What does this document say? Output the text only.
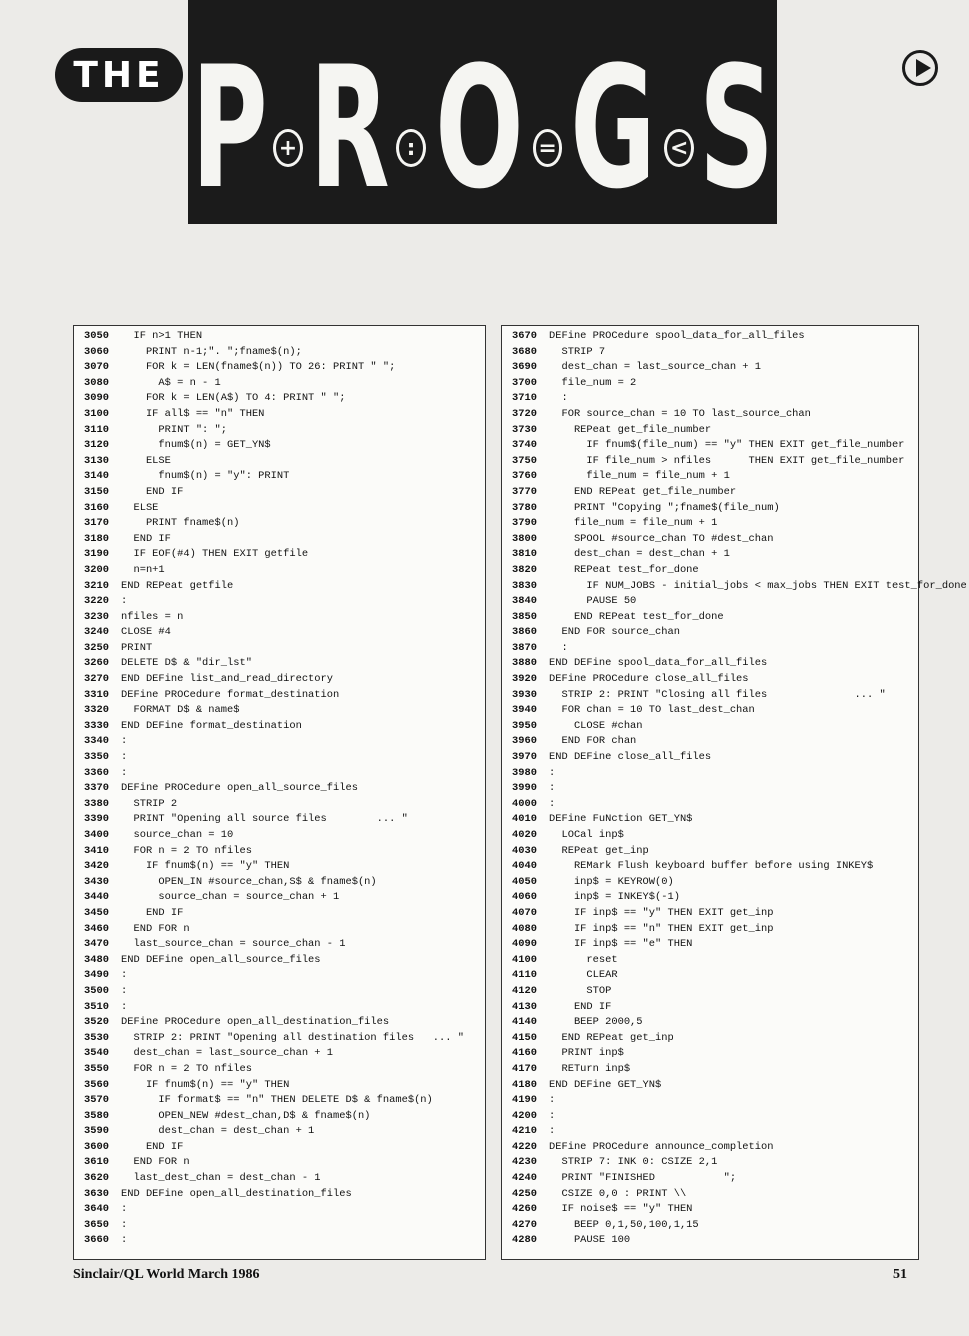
THE P + R : O = G < S
3050	IF n>1 THEN
3060	PRINT n-1;". ";fname$(n);
3070	FOR k = LEN(fname$(n)) TO 26: PRINT " ";
3080	A$ = n - 1
3090	FOR k = LEN(A$) TO 4: PRINT " ";
3100	IF all$ == "n" THEN
3110	PRINT ": ";
3120	fnum$(n) = GET_YN$
3130	ELSE
3140	fnum$(n) = "y": PRINT
3150	END IF
3160	ELSE
3170	PRINT fname$(n)
3180	END IF
3190	IF EOF(#4) THEN EXIT getfile
3200	n=n+1
3210	END REPeat getfile
3220	:
3230	nfiles = n
3240	CLOSE #4
3250	PRINT
3260	DELETE D$ & "dir_lst"
3270	END DEFine list_and_read_directory
3310	DEFine PROCedure format_destination
3320	FORMAT D$ & name$
3330	END DEFine format_destination
3340	:
3350	:
3360	:
3370	DEFine PROCedure open_all_source_files
3380	STRIP 2
3390	PRINT "Opening all source files        ... "
3400	source_chan = 10
3410	FOR n = 2 TO nfiles
3420	IF fnum$(n) == "y" THEN
3430	OPEN_IN #source_chan,S$ & fname$(n)
3440	source_chan = source_chan + 1
3450	END IF
3460	END FOR n
3470	last_source_chan = source_chan - 1
3480	END DEFine open_all_source_files
3490	:
3500	:
3510	:
3520	DEFine PROCedure open_all_destination_files
3530	STRIP 2: PRINT "Opening all destination files   ... "
3540	dest_chan = last_source_chan + 1
3550	FOR n = 2 TO nfiles
3560	IF fnum$(n) == "y" THEN
3570	IF format$ == "n" THEN DELETE D$ & fname$(n)
3580	OPEN_NEW #dest_chan,D$ & fname$(n)
3590	dest_chan = dest_chan + 1
3600	END IF
3610	END FOR n
3620	last_dest_chan = dest_chan - 1
3630	END DEFine open_all_destination_files
3640	:
3650	:
3660	:
3670	DEFine PROCedure spool_data_for_all_files
3680	STRIP 7
3690	dest_chan = last_source_chan + 1
3700	file_num = 2
3710	:
3720	FOR source_chan = 10 TO last_source_chan
3730	REPeat get_file_number
3740	IF fnum$(file_num) == "y" THEN EXIT get_file_number
3750	IF file_num > nfiles      THEN EXIT get_file_number
3760	file_num = file_num + 1
3770	END REPeat get_file_number
3780	PRINT "Copying ";fname$(file_num)
3790	file_num = file_num + 1
3800	SPOOL #source_chan TO #dest_chan
3810	dest_chan = dest_chan + 1
3820	REPeat test_for_done
3830	IF NUM_JOBS - initial_jobs < max_jobs THEN EXIT test_for_done
3840	PAUSE 50
3850	END REPeat test_for_done
3860	END FOR source_chan
3870	:
3880	END DEFine spool_data_for_all_files
3920	DEFine PROCedure close_all_files
3930	STRIP 2: PRINT "Closing all files              ... "
3940	FOR chan = 10 TO last_dest_chan
3950	CLOSE #chan
3960	END FOR chan
3970	END DEFine close_all_files
3980	:
3990	:
4000	:
4010	DEFine FuNction GET_YN$
4020	LOCal inp$
4030	REPeat get_inp
4040	REMark Flush keyboard buffer before using INKEY$
4050	inp$ = KEYROW(0)
4060	inp$ = INKEY$(-1)
4070	IF inp$ == "y" THEN EXIT get_inp
4080	IF inp$ == "n" THEN EXIT get_inp
4090	IF inp$ == "e" THEN
4100	reset
4110	CLEAR
4120	STOP
4130	END IF
4140	BEEP 2000,5
4150	END REPeat get_inp
4160	PRINT inp$
4170	RETurn inp$
4180	END DEFine GET_YN$
4190	:
4200	:
4210	:
4220	DEFine PROCedure announce_completion
4230	STRIP 7: INK 0: CSIZE 2,1
4240	PRINT "FINISHED           ";
4250	CSIZE 0,0 : PRINT \\
4260	IF noise$ == "y" THEN
4270	BEEP 0,1,50,100,1,15
4280	PAUSE 100
Sinclair/QL World March 1986	51
